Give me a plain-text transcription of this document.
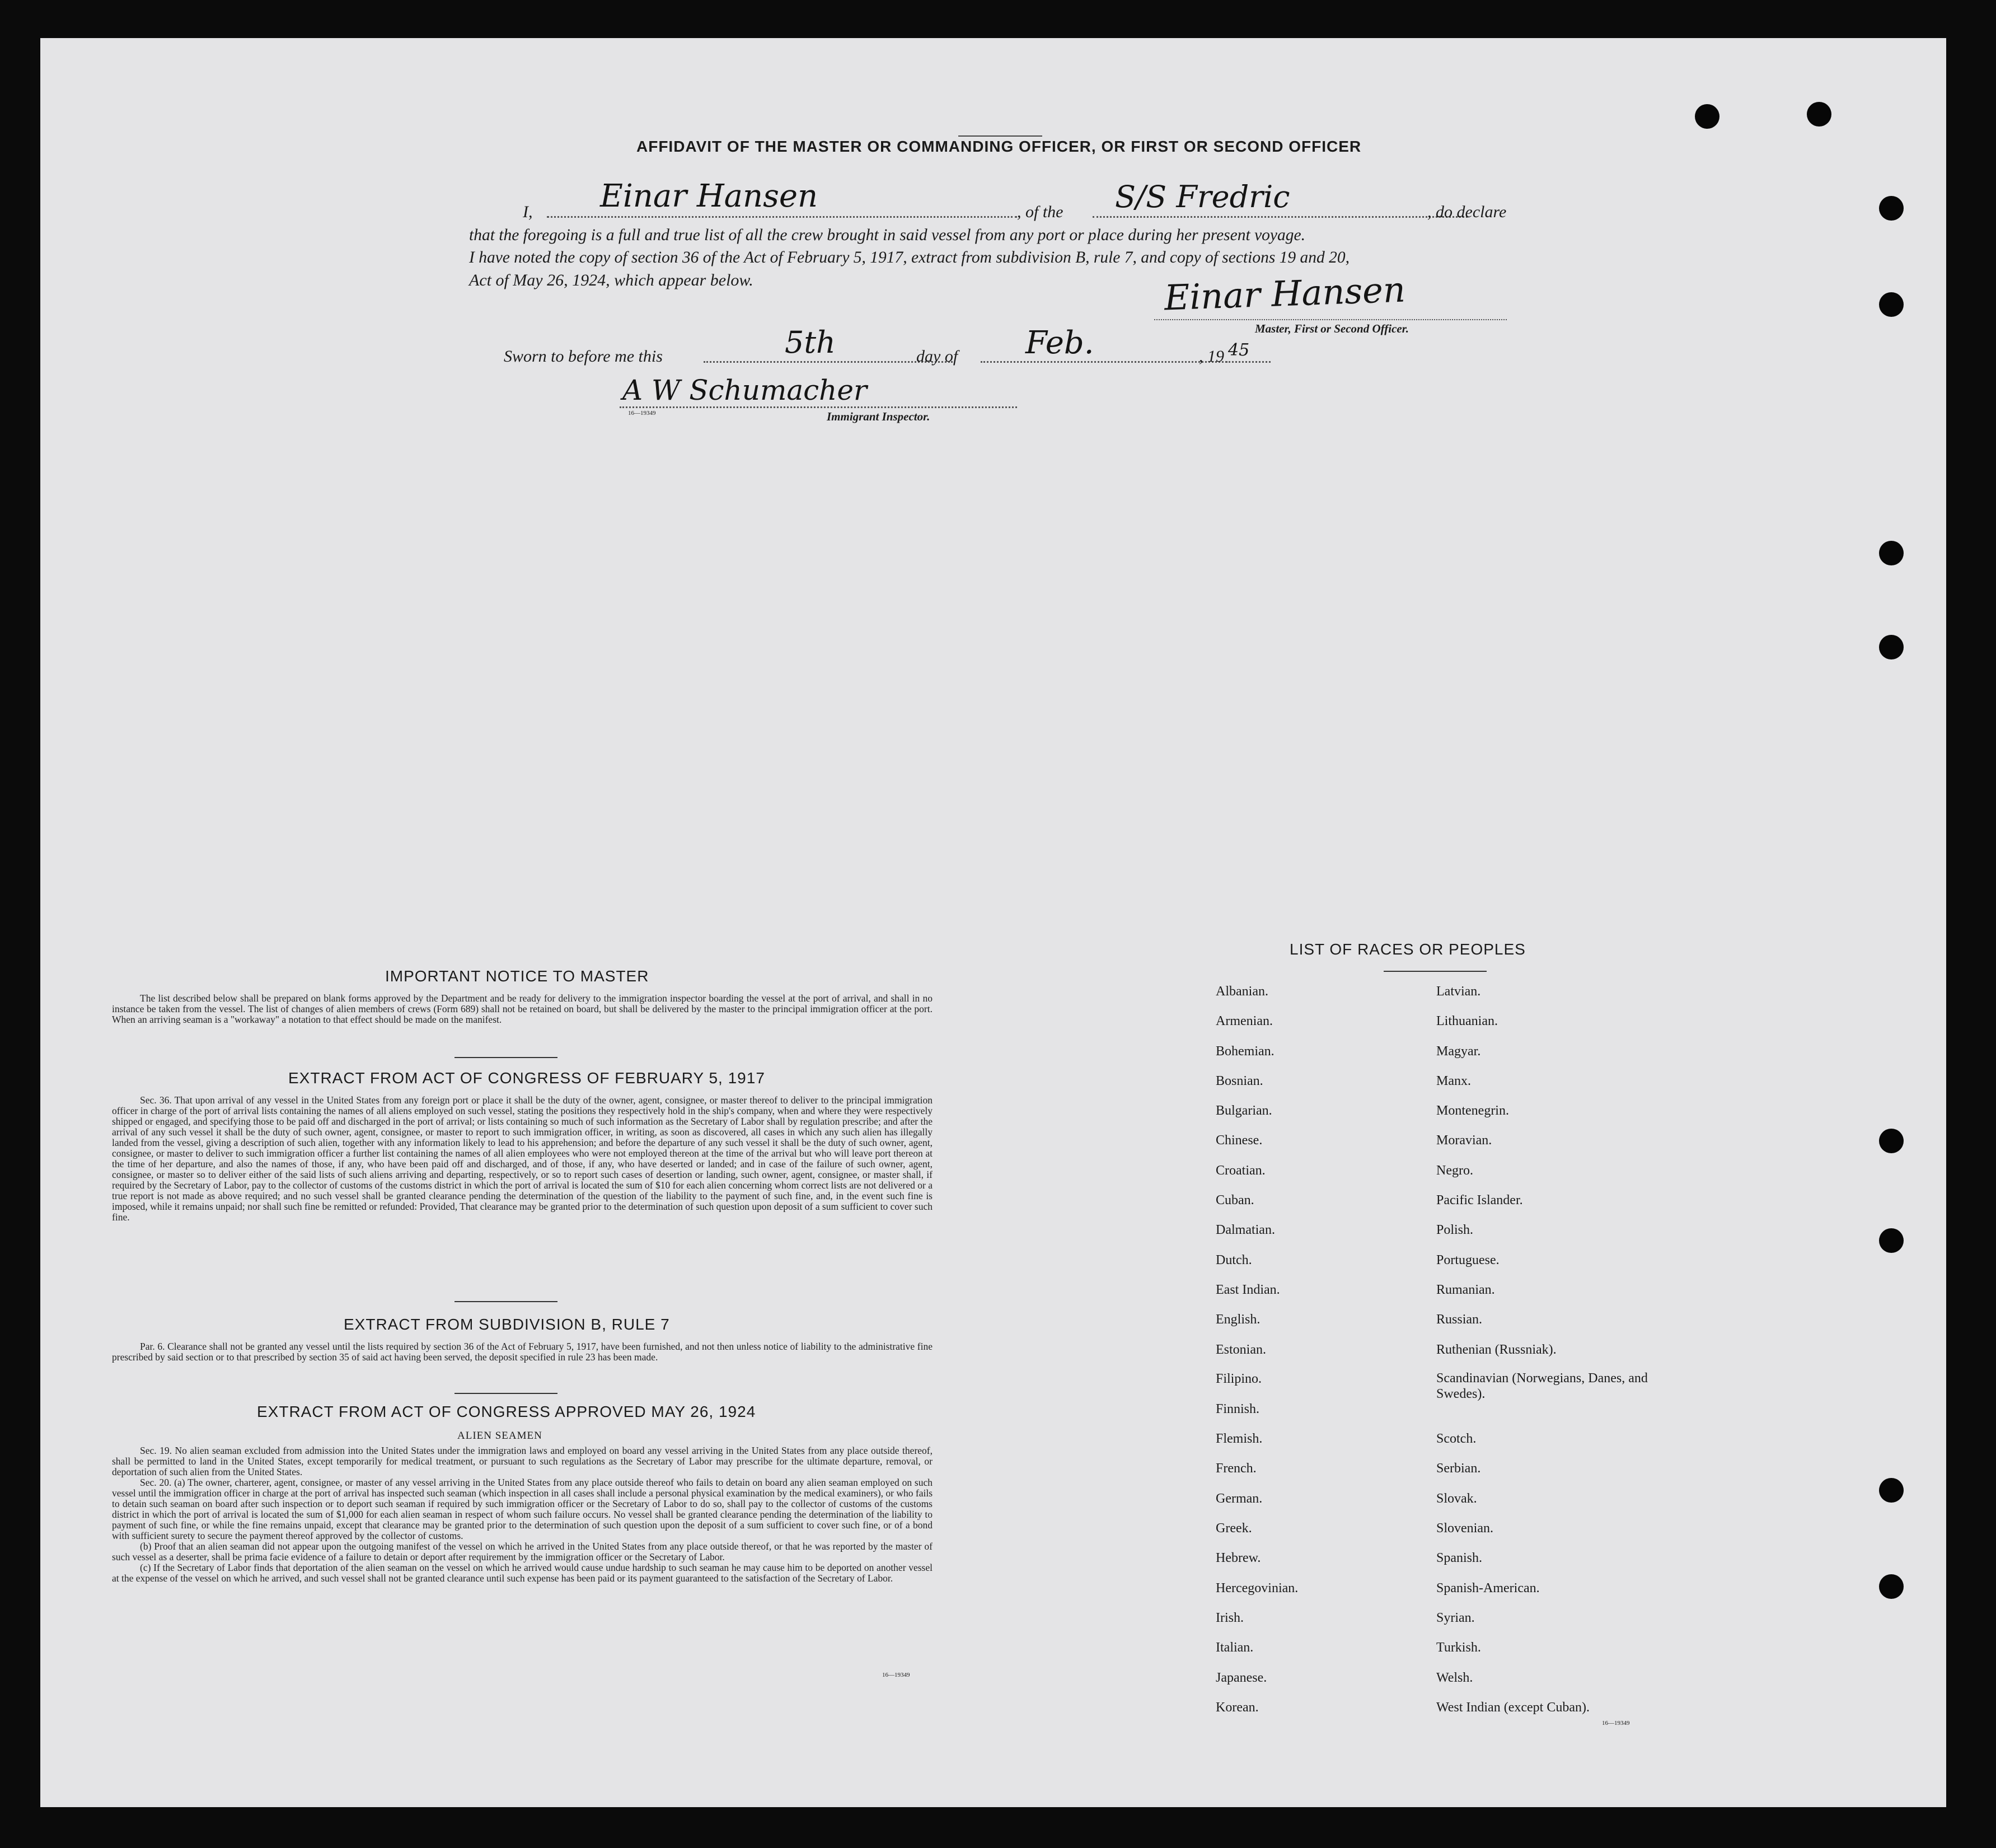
AFFIDAVIT OF THE MASTER OR COMMANDING OFFICER, OR FIRST OR SECOND OFFICER
I, Einar Hansen	, of the S/S Fredric	, do declare
that the foregoing is a full and true list of all the crew brought in said vessel from any port or place during her present voyage.
I have noted the copy of section 36 of the Act of February 5, 1917, extract from subdivision B, rule 7, and copy of sections 19 and 20,
Act of May 26, 1924, which appear below.	Einar Hansen
Master, First or Second Officer.
Sworn to before me this	5th	day of Feb.	, 19 45
A W Schumacher
16—19349	Immigrant Inspector.
IMPORTANT NOTICE TO MASTER

The list described below shall be prepared on blank forms approved by the Department and be ready for delivery to the immigration inspector boarding the vessel at the port of arrival, and shall in no instance be taken from the vessel. The list of changes of alien members of crews (Form 689) shall not be retained on board, but shall be delivered by the master to the principal immigration officer at the port. When an arriving seaman is a "workaway" a notation to that effect should be made on the manifest.

EXTRACT FROM ACT OF CONGRESS OF FEBRUARY 5, 1917

Sec. 36. That upon arrival of any vessel in the United States from any foreign port or place it shall be the duty of the owner, agent, consignee, or master thereof to deliver to the principal immigration officer in charge of the port of arrival lists containing the names of all aliens employed on such vessel, stating the positions they respectively hold in the ship's company, when and where they were respectively shipped or engaged, and specifying those to be paid off and discharged in the port of arrival; or lists containing so much of such information as the Secretary of Labor shall by regulation prescribe; and after the arrival of any such vessel it shall be the duty of such owner, agent, consignee, or master to report to such immigration officer, in writing, as soon as discovered, all cases in which any such alien has illegally landed from the vessel, giving a description of such alien, together with any information likely to lead to his apprehension; and before the departure of any such vessel it shall be the duty of such owner, agent, consignee, or master to deliver to such immigration officer a further list containing the names of all alien employees who were not employed thereon at the time of the arrival but who will leave port thereon at the time of her departure, and also the names of those, if any, who have been paid off and discharged, and of those, if any, who have deserted or landed; and in case of the failure of such owner, agent, consignee, or master so to deliver either of the said lists of such aliens arriving and departing, respectively, or so to report such cases of desertion or landing, such owner, agent, consignee, or master shall, if required by the Secretary of Labor, pay to the collector of customs of the customs district in which the port of arrival is located the sum of $10 for each alien concerning whom correct lists are not delivered or a true report is not made as above required; and no such vessel shall be granted clearance pending the determination of the question of the liability to the payment of such fine, and, in the event such fine is imposed, while it remains unpaid; nor shall such fine be remitted or refunded: Provided, That clearance may be granted prior to the determination of such question upon deposit of a sum sufficient to cover such fine.

EXTRACT FROM SUBDIVISION B, RULE 7

Par. 6. Clearance shall not be granted any vessel until the lists required by section 36 of the Act of February 5, 1917, have been furnished, and not then unless notice of liability to the administrative fine prescribed by said section or to that prescribed by section 35 of said act having been served, the deposit specified in rule 23 has been made.

EXTRACT FROM ACT OF CONGRESS APPROVED MAY 26, 1924
ALIEN SEAMEN

Sec. 19. No alien seaman excluded from admission into the United States under the immigration laws and employed on board any vessel arriving in the United States from any place outside thereof, shall be permitted to land in the United States, except temporarily for medical treatment, or pursuant to such regulations as the Secretary of Labor may prescribe for the ultimate departure, removal, or deportation of such alien from the United States.

Sec. 20. (a) The owner, charterer, agent, consignee, or master of any vessel arriving in the United States from any place outside thereof who fails to detain on board any alien seaman employed on such vessel until the immigration officer in charge at the port of arrival has inspected such seaman (which inspection in all cases shall include a personal physical examination by the medical examiners), or who fails to detain such seaman on board after such inspection or to deport such seaman if required by such immigration officer or the Secretary of Labor to do so, shall pay to the collector of customs of the customs district in which the port of arrival is located the sum of $1,000 for each alien seaman in respect of whom such failure occurs. No vessel shall be granted clearance pending the determination of the liability to payment of such fine, or while the fine remains unpaid, except that clearance may be granted prior to the determination of such question upon the deposit of a sum sufficient to cover such fine, or of a bond with sufficient surety to secure the payment thereof approved by the collector of customs.

(b) Proof that an alien seaman did not appear upon the outgoing manifest of the vessel on which he arrived in the United States from any place outside thereof, or that he was reported by the master of such vessel as a deserter, shall be prima facie evidence of a failure to detain or deport after requirement by the immigration officer or the Secretary of Labor.

(c) If the Secretary of Labor finds that deportation of the alien seaman on the vessel on which he arrived would cause undue hardship to such seaman he may cause him to be deported on another vessel at the expense of the vessel on which he arrived, and such vessel shall not be granted clearance until such expense has been paid or its payment guaranteed to the satisfaction of the Secretary of Labor.

16—19349
LIST OF RACES OR PEOPLES
Albanian.
Armenian.
Bohemian.
Bosnian.
Bulgarian.
Chinese.
Croatian.
Cuban.
Dalmatian.
Dutch.
East Indian.
English.
Estonian.
Filipino.
Finnish.
Flemish.
French.
German.
Greek.
Hebrew.
Hercegovinian.
Irish.
Italian.
Japanese.
Korean.
Latvian.
Lithuanian.
Magyar.
Manx.
Montenegrin.
Moravian.
Negro.
Pacific Islander.
Polish.
Portuguese.
Rumanian.
Russian.
Ruthenian (Russniak).
Scandinavian (Norwegians, Danes, and Swedes).
Scotch.
Serbian.
Slovak.
Slovenian.
Spanish.
Spanish-American.
Syrian.
Turkish.
Welsh.
West Indian (except Cuban).
16—19349
